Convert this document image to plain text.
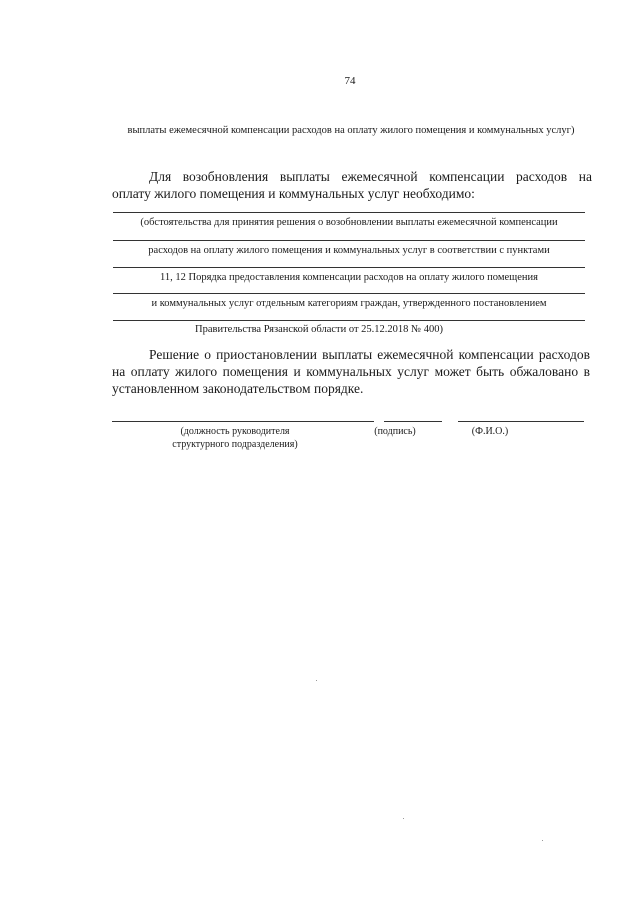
74
выплаты ежемесячной компенсации расходов на оплату жилого помещения и коммунальных услуг)
Для возобновления выплаты ежемесячной компенсации расходов на
оплату жилого помещения и коммунальных услуг необходимо:
(обстоятельства для принятия решения о возобновлении выплаты ежемесячной компенсации
расходов на оплату жилого помещения и коммунальных услуг в соответствии с пунктами
11, 12 Порядка предоставления компенсации расходов на оплату жилого помещения
и коммунальных услуг отдельным категориям граждан, утвержденного постановлением
Правительства Рязанской области от 25.12.2018 № 400)
Решение о приостановлении выплаты ежемесячной компенсации расходов на оплату жилого помещения и коммунальных услуг может быть обжаловано в установленном законодательством порядке.
(должность руководителя
структурного подразделения)
(подпись)	(Ф.И.О.)
